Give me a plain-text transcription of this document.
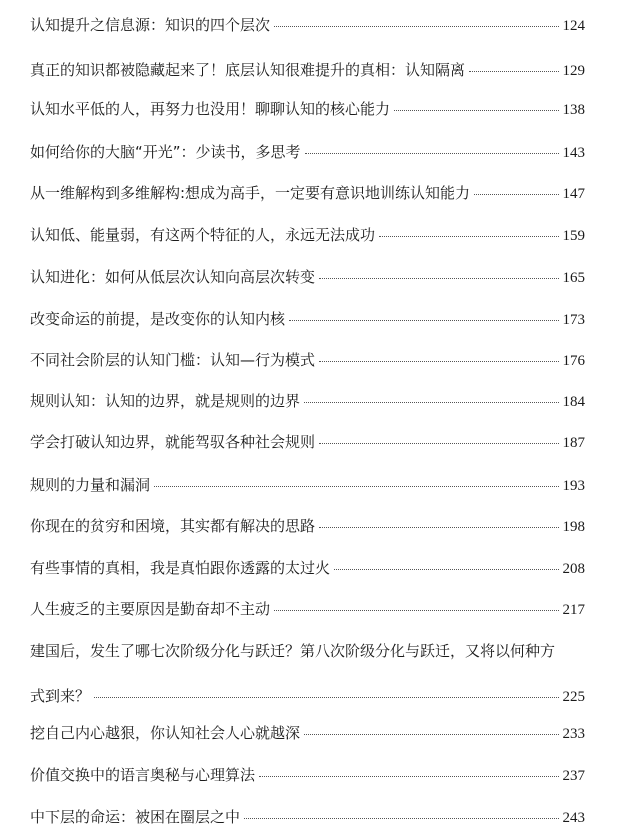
认知提升之信息源：知识的四个层次	124
真正的知识都被隐藏起来了！底层认知很难提升的真相：认知隔离	129
认知水平低的人，再努力也没用！聊聊认知的核心能力	138
如何给你的大脑“开光”：少读书，多思考	143
从一维解构到多维解构:想成为高手，一定要有意识地训练认知能力	147
认知低、能量弱，有这两个特征的人，永远无法成功	159
认知进化：如何从低层次认知向高层次转变	165
改变命运的前提，是改变你的认知内核	173
不同社会阶层的认知门槛：认知—行为模式	176
规则认知：认知的边界，就是规则的边界	184
学会打破认知边界，就能驾驭各种社会规则	187
规则的力量和漏洞	193
你现在的贫穷和困境，其实都有解决的思路	198
有些事情的真相，我是真怕跟你透露的太过火	208
人生疲乏的主要原因是勤奋却不主动	217
建国后，发生了哪七次阶级分化与跃迁？第八次阶级分化与跃迁，又将以何种方
式到来？	225
挖自己内心越狠，你认知社会人心就越深	233
价值交换中的语言奥秘与心理算法	237
中下层的命运：被困在圈层之中	243
